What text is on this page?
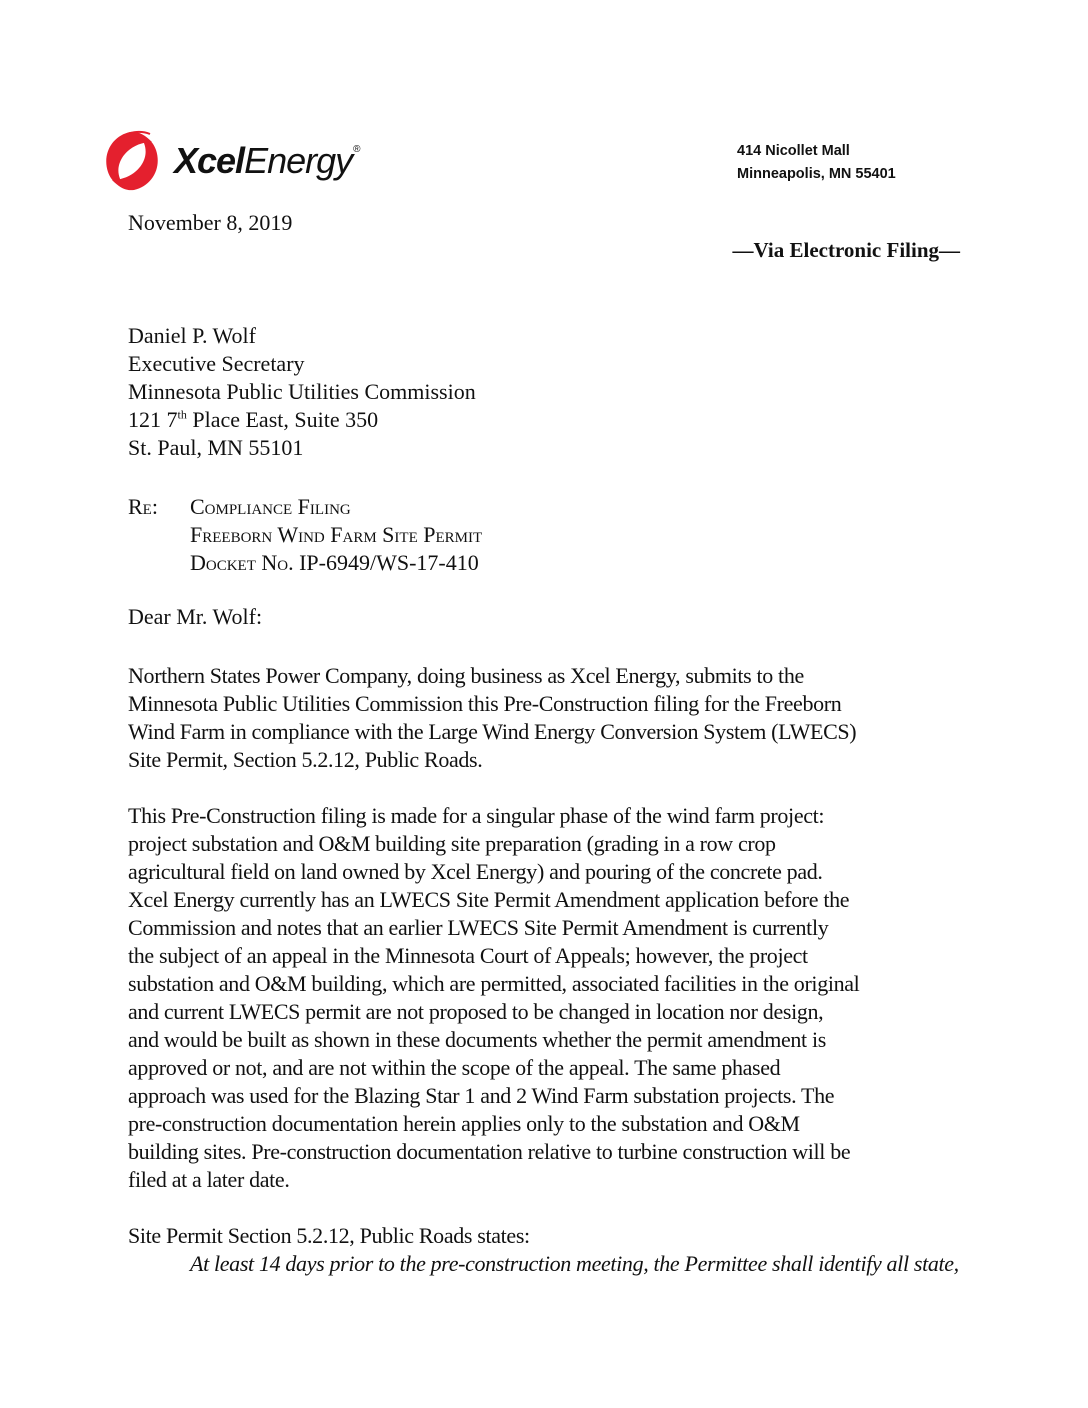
XcelEnergy®	414 Nicollet Mall
Minneapolis, MN 55401
November 8, 2019
—Via Electronic Filing—
Daniel P. Wolf
Executive Secretary
Minnesota Public Utilities Commission
121 7th Place East, Suite 350
St. Paul, MN 55101
Re: Compliance Filing
Freeborn Wind Farm Site Permit
Docket No. IP-6949/WS-17-410
Dear Mr. Wolf:
Northern States Power Company, doing business as Xcel Energy, submits to the
Minnesota Public Utilities Commission this Pre-Construction filing for the Freeborn
Wind Farm in compliance with the Large Wind Energy Conversion System (LWECS)
Site Permit, Section 5.2.12, Public Roads.
This Pre-Construction filing is made for a singular phase of the wind farm project:
project substation and O&M building site preparation (grading in a row crop
agricultural field on land owned by Xcel Energy) and pouring of the concrete pad.
Xcel Energy currently has an LWECS Site Permit Amendment application before the
Commission and notes that an earlier LWECS Site Permit Amendment is currently
the subject of an appeal in the Minnesota Court of Appeals; however, the project
substation and O&M building, which are permitted, associated facilities in the original
and current LWECS permit are not proposed to be changed in location nor design,
and would be built as shown in these documents whether the permit amendment is
approved or not, and are not within the scope of the appeal. The same phased
approach was used for the Blazing Star 1 and 2 Wind Farm substation projects. The
pre-construction documentation herein applies only to the substation and O&M
building sites. Pre-construction documentation relative to turbine construction will be
filed at a later date.
Site Permit Section 5.2.12, Public Roads states:
At least 14 days prior to the pre-construction meeting, the Permittee shall identify all state,
